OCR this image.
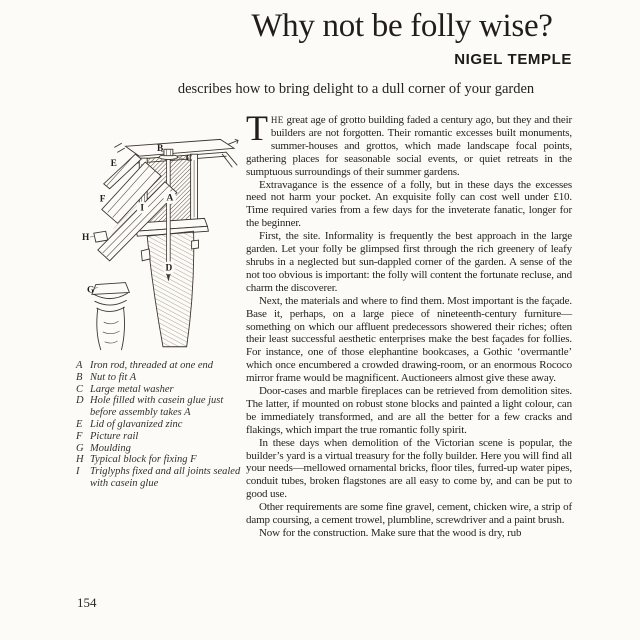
Why not be folly wise?
NIGEL TEMPLE
describes how to bring delight to a dull corner of your garden
A
B
C
D
E
F
G
H
I
A Iron rod, threaded at one end
B Nut to fit A
C Large metal washer
D Hole filled with casein glue just before assembly takes A
E Lid of glavanized zinc
F Picture rail
G Moulding
H Typical block for fixing F
I	Triglyphs fixed and all joints sealed with casein glue

THE great age of grotto building faded a century ago, but they and their builders are not forgotten. Their romantic excesses built monuments, summer-houses and grottos, which made landscape focal points, gathering places for seasonable social events, or quiet retreats in the sumptuous surroundings of their summer gardens.

Extravagance is the essence of a folly, but in these days the excesses need not harm your pocket. An exquisite folly can cost well under £10. Time required varies from a few days for the inveterate fanatic, longer for the beginner.

First, the site. Informality is frequently the best approach in the large garden. Let your folly be glimpsed first through the rich greenery of leafy shrubs in a neglected but sun-dappled corner of the garden. A sense of the not too obvious is important: the folly will content the fortunate recluse, and charm the discoverer.

Next, the materials and where to find them. Most important is the façade. Base it, perhaps, on a large piece of nineteenth-century furniture—something on which our affluent predecessors showered their riches; often their least successful aesthetic enterprises make the best façades for follies. For instance, one of those elephantine bookcases, a Gothic ‘overmantle’ which once encumbered a crowded drawing-room, or an enormous Rococo mirror frame would be magnificent. Auctioneers almost give these away.

Door-cases and marble fireplaces can be retrieved from demolition sites. The latter, if mounted on robust stone blocks and painted a light colour, can be immediately transformed, and are all the better for a few cracks and flakings, which impart the true romantic folly spirit.

In these days when demolition of the Victorian scene is popular, the builder’s yard is a virtual treasury for the folly builder. Here you will find all your needs—mellowed ornamental bricks, floor tiles, furred-up water pipes, conduit tubes, broken flagstones are all easy to come by, and can be put to good use.

Other requirements are some fine gravel, cement, chicken wire, a strip of damp coursing, a cement trowel, plumbline, screwdriver and a paint brush.

Now for the construction. Make sure that the wood is dry, rub

154
